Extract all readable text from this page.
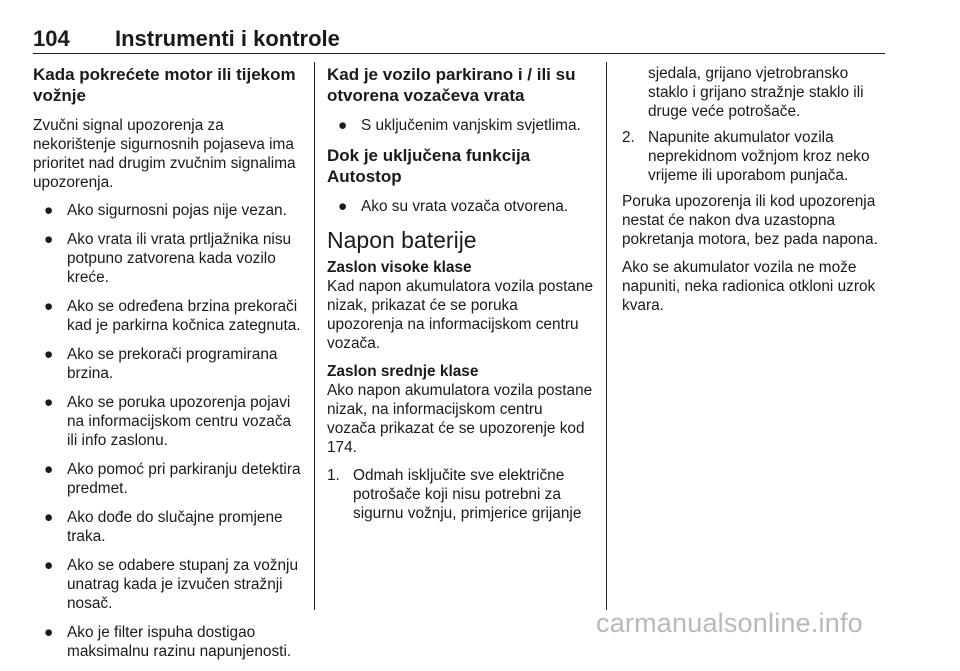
104 Instrumenti i kontrole
Kada pokrećete motor ili tijekom vožnje

Zvučni signal upozorenja za nekorištenje sigurnosnih pojaseva ima prioritet nad drugim zvučnim signalima upozorenja.

● Ako sigurnosni pojas nije vezan.
● Ako vrata ili vrata prtljažnika nisu potpuno zatvorena kada vozilo kreće.
● Ako se određena brzina prekorači kad je parkirna kočnica zategnuta.
● Ako se prekorači programirana brzina.
● Ako se poruka upozorenja pojavi na informacijskom centru vozača ili info zaslonu.
● Ako pomoć pri parkiranju detektira predmet.
● Ako dođe do slučajne promjene traka.
● Ako se odabere stupanj za vožnju unatrag kada je izvučen stražnji nosač.
● Ako je filter ispuha dostigao maksimalnu razinu napunjenosti.
Kad je vozilo parkirano i / ili su otvorena vozačeva vrata
● S uključenim vanjskim svjetlima.
Dok je uključena funkcija Autostop
● Ako su vrata vozača otvorena.
Napon baterije
Zaslon visoke klase

Kad napon akumulatora vozila postane nizak, prikazat će se poruka upozorenja na informacijskom centru vozača.

Zaslon srednje klase

Ako napon akumulatora vozila postane nizak, na informacijskom centru vozača prikazat će se upozorenje kod 174.

1. Odmah isključite sve električne potrošače koji nisu potrebni za sigurnu vožnju, primjerice grijanje
sjedala, grijano vjetrobransko staklo i grijano stražnje staklo ili druge veće potrošače.
2. Napunite akumulator vozila neprekidnom vožnjom kroz neko vrijeme ili uporabom punjača.

Poruka upozorenja ili kod upozorenja nestat će nakon dva uzastopna pokretanja motora, bez pada napona.

Ako se akumulator vozila ne može napuniti, neka radionica otkloni uzrok kvara.

carmanualsonline.info
